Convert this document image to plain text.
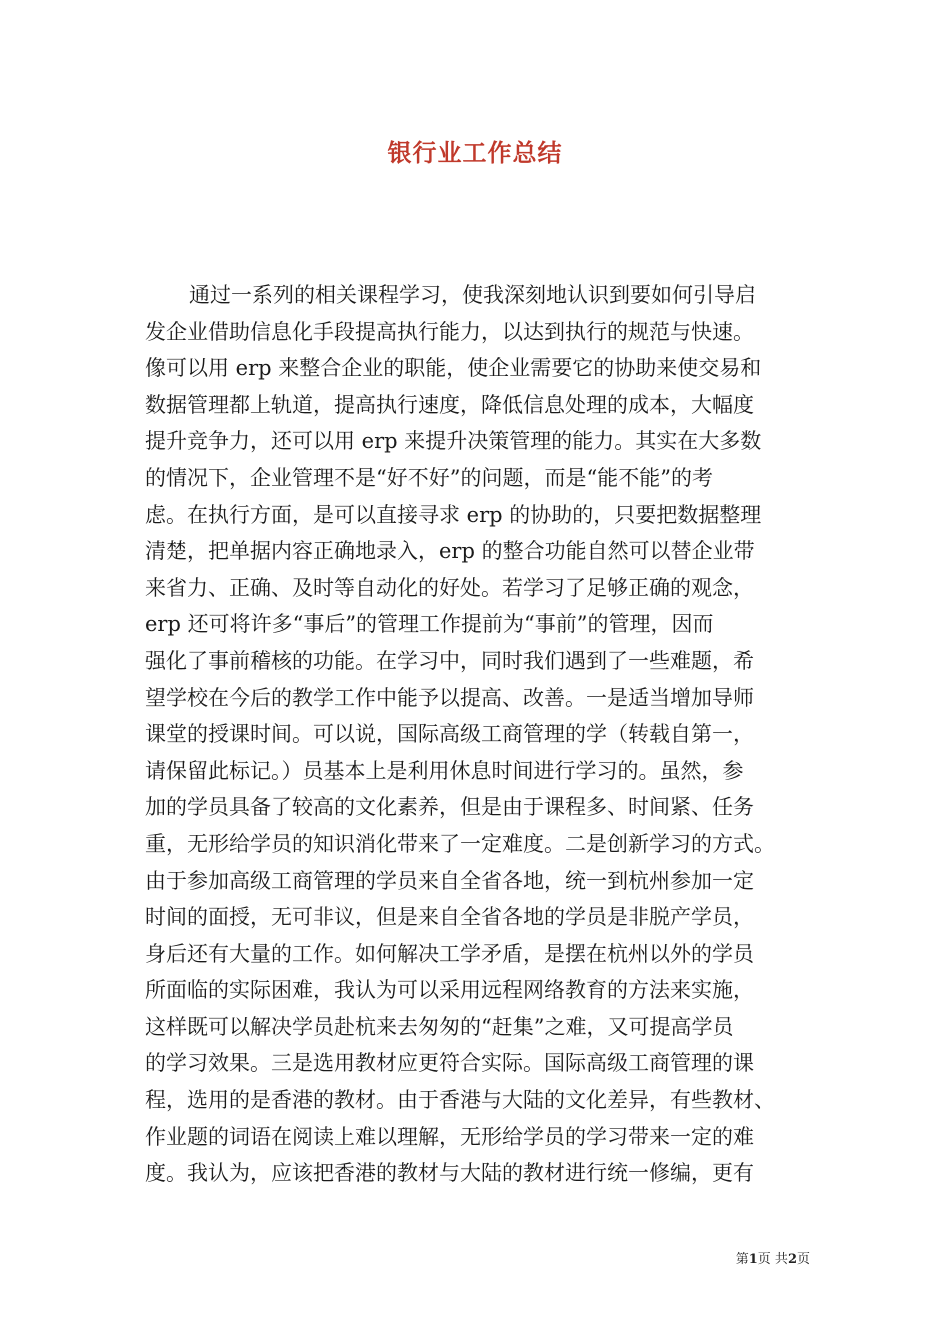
银行业工作总结
通过一系列的相关课程学习，使我深刻地认识到要如何引导启
发企业借助信息化手段提高执行能力，以达到执行的规范与快速。
像可以用 erp 来整合企业的职能，使企业需要它的协助来使交易和
数据管理都上轨道，提高执行速度，降低信息处理的成本，大幅度
提升竞争力，还可以用 erp 来提升决策管理的能力。其实在大多数
的情况下，企业管理不是“好不好”的问题，而是“能不能”的考
虑。在执行方面，是可以直接寻求 erp 的协助的，只要把数据整理
清楚，把单据内容正确地录入，erp 的整合功能自然可以替企业带
来省力、正确、及时等自动化的好处。若学习了足够正确的观念，
erp 还可将许多“事后”的管理工作提前为“事前”的管理，因而
强化了事前稽核的功能。在学习中，同时我们遇到了一些难题，希
望学校在今后的教学工作中能予以提高、改善。一是适当增加导师
课堂的授课时间。可以说，国际高级工商管理的学（转载自第一，
请保留此标记。）员基本上是利用休息时间进行学习的。虽然，参
加的学员具备了较高的文化素养，但是由于课程多、时间紧、任务
重，无形给学员的知识消化带来了一定难度。二是创新学习的方式。
由于参加高级工商管理的学员来自全省各地，统一到杭州参加一定
时间的面授，无可非议，但是来自全省各地的学员是非脱产学员，
身后还有大量的工作。如何解决工学矛盾，是摆在杭州以外的学员
所面临的实际困难，我认为可以采用远程网络教育的方法来实施，
这样既可以解决学员赴杭来去匆匆的“赶集”之难，又可提高学员
的学习效果。三是选用教材应更符合实际。国际高级工商管理的课
程，选用的是香港的教材。由于香港与大陆的文化差异，有些教材、
作业题的词语在阅读上难以理解，无形给学员的学习带来一定的难
度。我认为，应该把香港的教材与大陆的教材进行统一修编，更有
第1页 共2页
